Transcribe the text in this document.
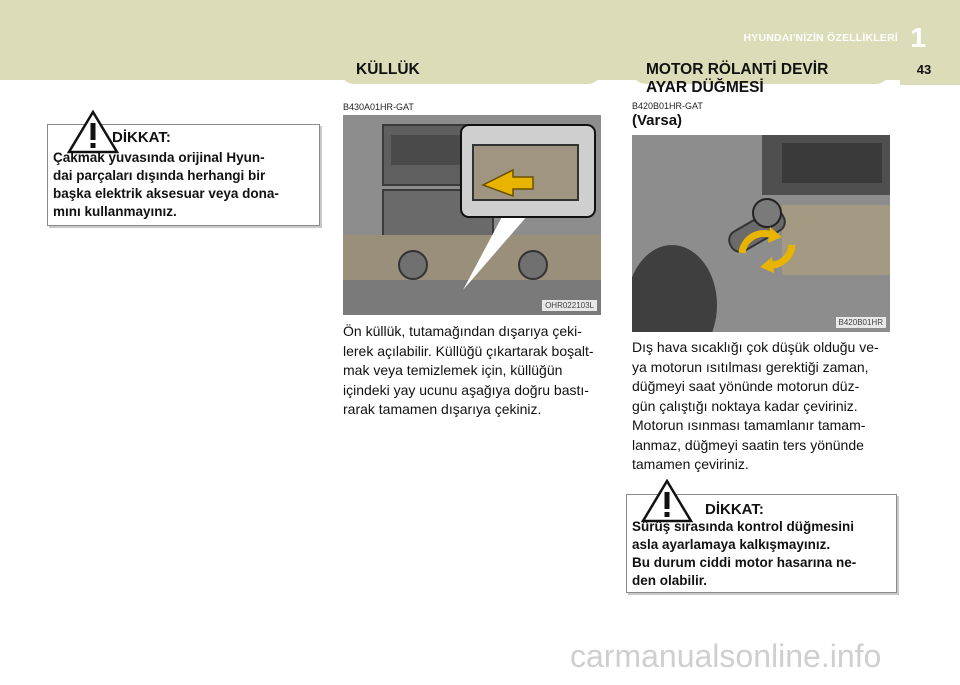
HYUNDAI'NİZİN ÖZELLİKLERİ 1
43
KÜLLÜK	MOTOR RÖLANTİ DEVİR
AYAR DÜĞMESİ
DİKKAT:
Çakmak yuvasında orijinal Hyun-
dai parçaları dışında herhangi bir
başka elektrik aksesuar veya dona-
mını kullanmayınız.
B430A01HR-GAT
OHR022103L
Ön küllük, tutamağından dışarıya çeki-
lerek açılabilir. Küllüğü çıkartarak boşalt-
mak veya temizlemek için, küllüğün
içindeki yay ucunu aşağıya doğru bastı-
rarak tamamen dışarıya çekiniz.
B420B01HR-GAT
(Varsa)
B420B01HR
Dış hava sıcaklığı çok düşük olduğu ve-
ya motorun ısıtılması gerektiği zaman,
düğmeyi saat yönünde motorun düz-
gün çalıştığı noktaya kadar çeviriniz.
Motorun ısınması tamamlanır tamam-
lanmaz, düğmeyi saatin ters yönünde
tamamen çeviriniz.
DİKKAT:
Sürüş sırasında kontrol düğmesini
asla ayarlamaya kalkışmayınız.
Bu durum ciddi motor hasarına ne-
den olabilir.
carmanualsonline.info
